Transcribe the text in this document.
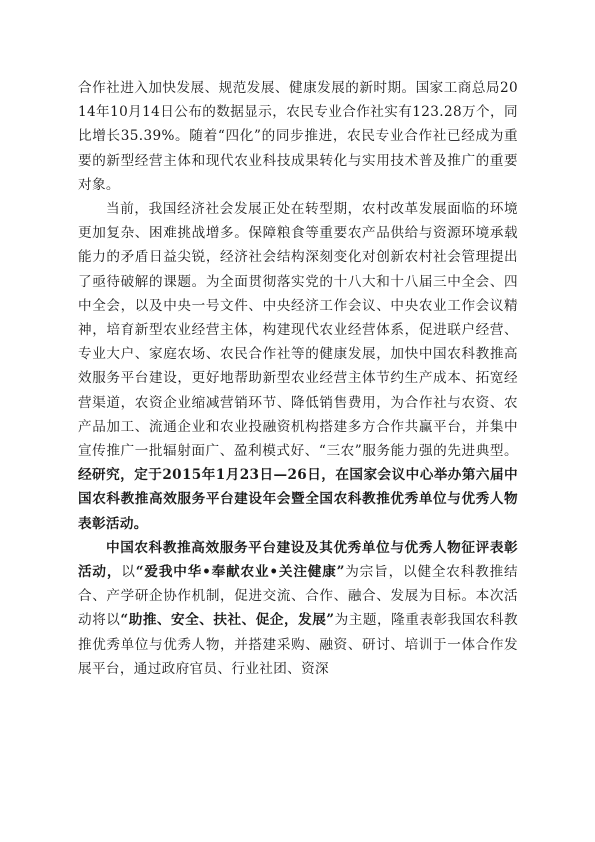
合作社进入加快发展、规范发展、健康发展的新时期。国家工商总局2014年10月14日公布的数据显示，农民专业合作社实有123.28万个，同比增长35.39%。随着“四化”的同步推进，农民专业合作社已经成为重要的新型经营主体和现代农业科技成果转化与实用技术普及推广的重要对象。

当前，我国经济社会发展正处在转型期，农村改革发展面临的环境更加复杂、困难挑战增多。保障粮食等重要农产品供给与资源环境承载能力的矛盾日益尖锐，经济社会结构深刻变化对创新农村社会管理提出了亟待破解的课题。为全面贯彻落实党的十八大和十八届三中全会、四中全会，以及中央一号文件、中央经济工作会议、中央农业工作会议精神，培育新型农业经营主体，构建现代农业经营体系，促进联户经营、专业大户、家庭农场、农民合作社等的健康发展，加快中国农科教推高效服务平台建设，更好地帮助新型农业经营主体节约生产成本、拓宽经营渠道，农资企业缩减营销环节、降低销售费用，为合作社与农资、农产品加工、流通企业和农业投融资机构搭建多方合作共赢平台，并集中宣传推广一批辐射面广、盈利模式好、“三农”服务能力强的先进典型。经研究，定于2015年1月23日—26日，在国家会议中心举办第六届中国农科教推高效服务平台建设年会暨全国农科教推优秀单位与优秀人物表彰活动。

中国农科教推高效服务平台建设及其优秀单位与优秀人物征评表彰活动，以“爱我中华•奉献农业•关注健康”为宗旨，以健全农科教推结合、产学研企协作机制，促进交流、合作、融合、发展为目标。本次活动将以“助推、安全、扶社、促企，发展”为主题，隆重表彰我国农科教推优秀单位与优秀人物，并搭建采购、融资、研讨、培训于一体合作发展平台，通过政府官员、行业社团、资深
